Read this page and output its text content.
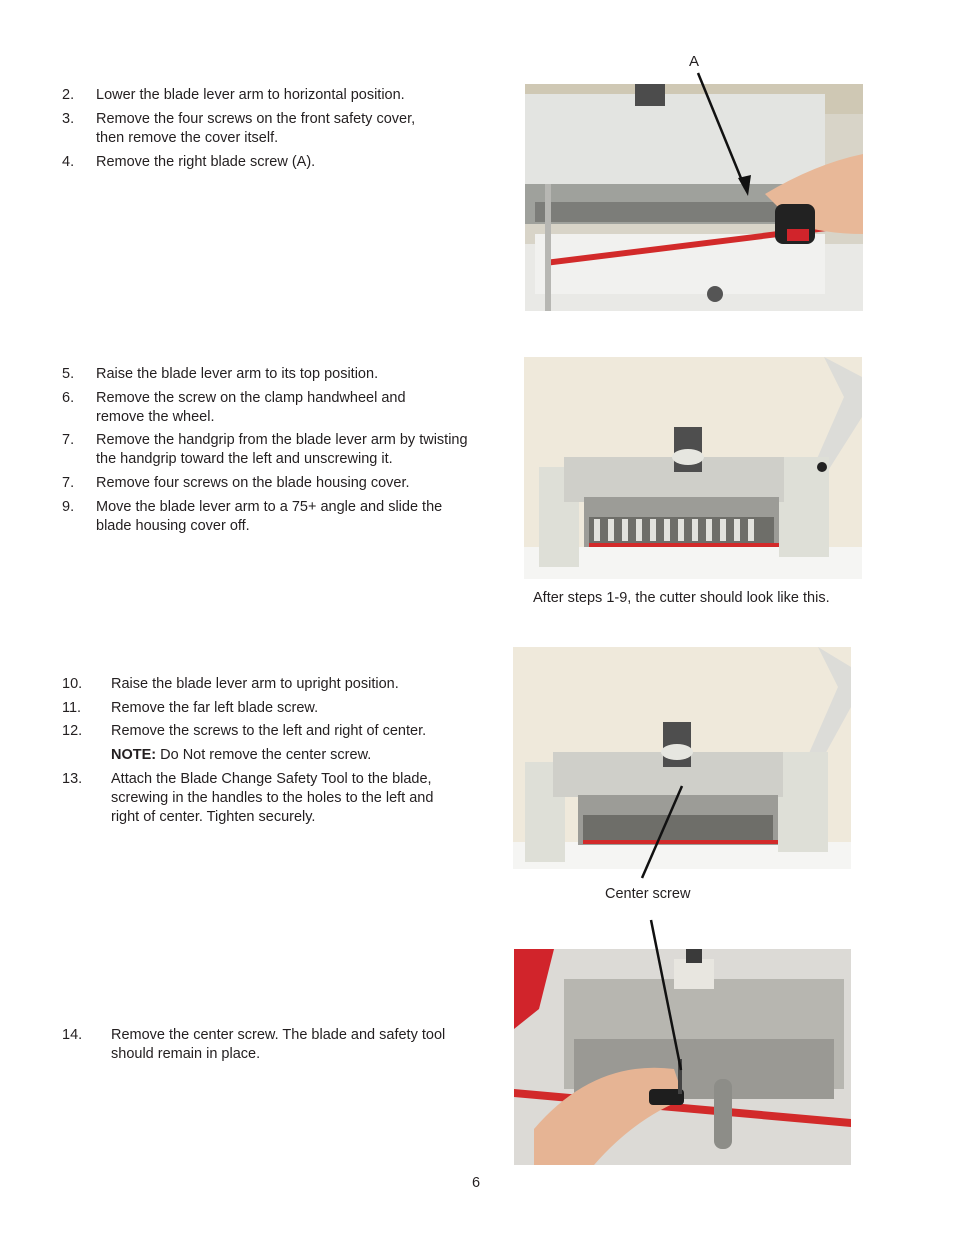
2. Lower the blade lever arm to horizontal position.
3. Remove the four screws on the front safety cover, then remove the cover itself.
4. Remove the right blade screw (A).
A
5. Raise the blade lever arm to its top position.
6. Remove the screw on the clamp handwheel and remove the wheel.
7. Remove the handgrip from the blade lever arm by twisting the handgrip toward the left and unscrewing it.
7. Remove four screws on the blade housing cover.
9. Move the blade lever arm to a 75+ angle and slide the blade housing cover off.
After steps 1-9, the cutter should look like this.
10. Raise the blade lever arm to upright position.
11. Remove the far left blade screw.
12. Remove the screws to the left and right of center.
NOTE: Do Not remove the center screw.
13. Attach the Blade Change Safety Tool to the blade, screwing in the handles to the holes to the left and right of center. Tighten securely.
Center screw
14. Remove the center screw. The blade and safety tool should remain in place.
6
